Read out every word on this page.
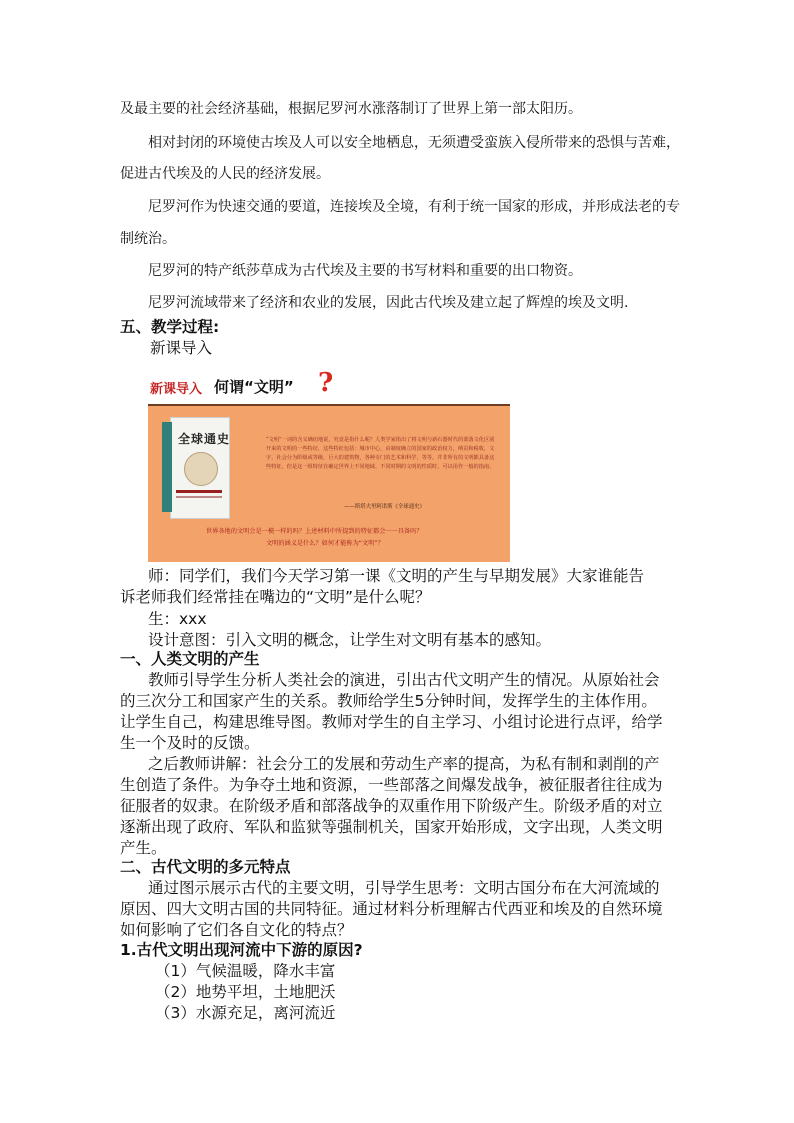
及最主要的社会经济基础，根据尼罗河水涨落制订了世界上第一部太阳历。
相对封闭的环境使古埃及人可以安全地栖息，无须遭受蛮族入侵所带来的恐惧与苦难，
促进古代埃及的人民的经济发展。
尼罗河作为快速交通的要道，连接埃及全境，有利于统一国家的形成，并形成法老的专
制统治。
尼罗河的特产纸莎草成为古代埃及主要的书写材料和重要的出口物资。
尼罗河流域带来了经济和农业的发展，因此古代埃及建立起了辉煌的埃及文明.
五、教学过程:
新课导入
新课导入 何谓“文明” ?
全球通史	“文明”一词的含义确切地说，究竟是指什么呢？人类学家指出了将文明与新石器时代的部落文化区别开来的文明的一些特征，这些特征包括：城市中心，由制度确立的国家的政治权力，纳贡和税收，文字，社会分为阶级或等级，巨大的建筑物，各种专门的艺术和科学，等等。并非所有的文明都具备这些特征，但是这一组特征在确定世界上不同地域、不同时期的文明的性质时，可以用作一般的指南。
——斯塔夫里阿诺斯《全球通史》
世界各地的文明会是一模一样的吗？上述材料中所提到的特征都会一一具备吗？
文明的涵义是什么？如何才能称为“文明”？
师：同学们，我们今天学习第一课《文明的产生与早期发展》大家谁能告
诉老师我们经常挂在嘴边的“文明”是什么呢？
生：xxx
设计意图：引入文明的概念，让学生对文明有基本的感知。
一、人类文明的产生
教师引导学生分析人类社会的演进，引出古代文明产生的情况。从原始社会
的三次分工和国家产生的关系。教师给学生5分钟时间，发挥学生的主体作用。
让学生自己，构建思维导图。教师对学生的自主学习、小组讨论进行点评，给学
生一个及时的反馈。
之后教师讲解：社会分工的发展和劳动生产率的提高，为私有制和剥削的产
生创造了条件。为争夺土地和资源，一些部落之间爆发战争，被征服者往往成为
征服者的奴隶。在阶级矛盾和部落战争的双重作用下阶级产生。阶级矛盾的对立
逐渐出现了政府、军队和监狱等强制机关，国家开始形成，文字出现，人类文明
产生。
二、古代文明的多元特点
通过图示展示古代的主要文明，引导学生思考：文明古国分布在大河流域的
原因、四大文明古国的共同特征。通过材料分析理解古代西亚和埃及的自然环境
如何影响了它们各自文化的特点？
1.古代文明出现河流中下游的原因?
（1）气候温暖，降水丰富
（2）地势平坦，土地肥沃
（3）水源充足，离河流近
